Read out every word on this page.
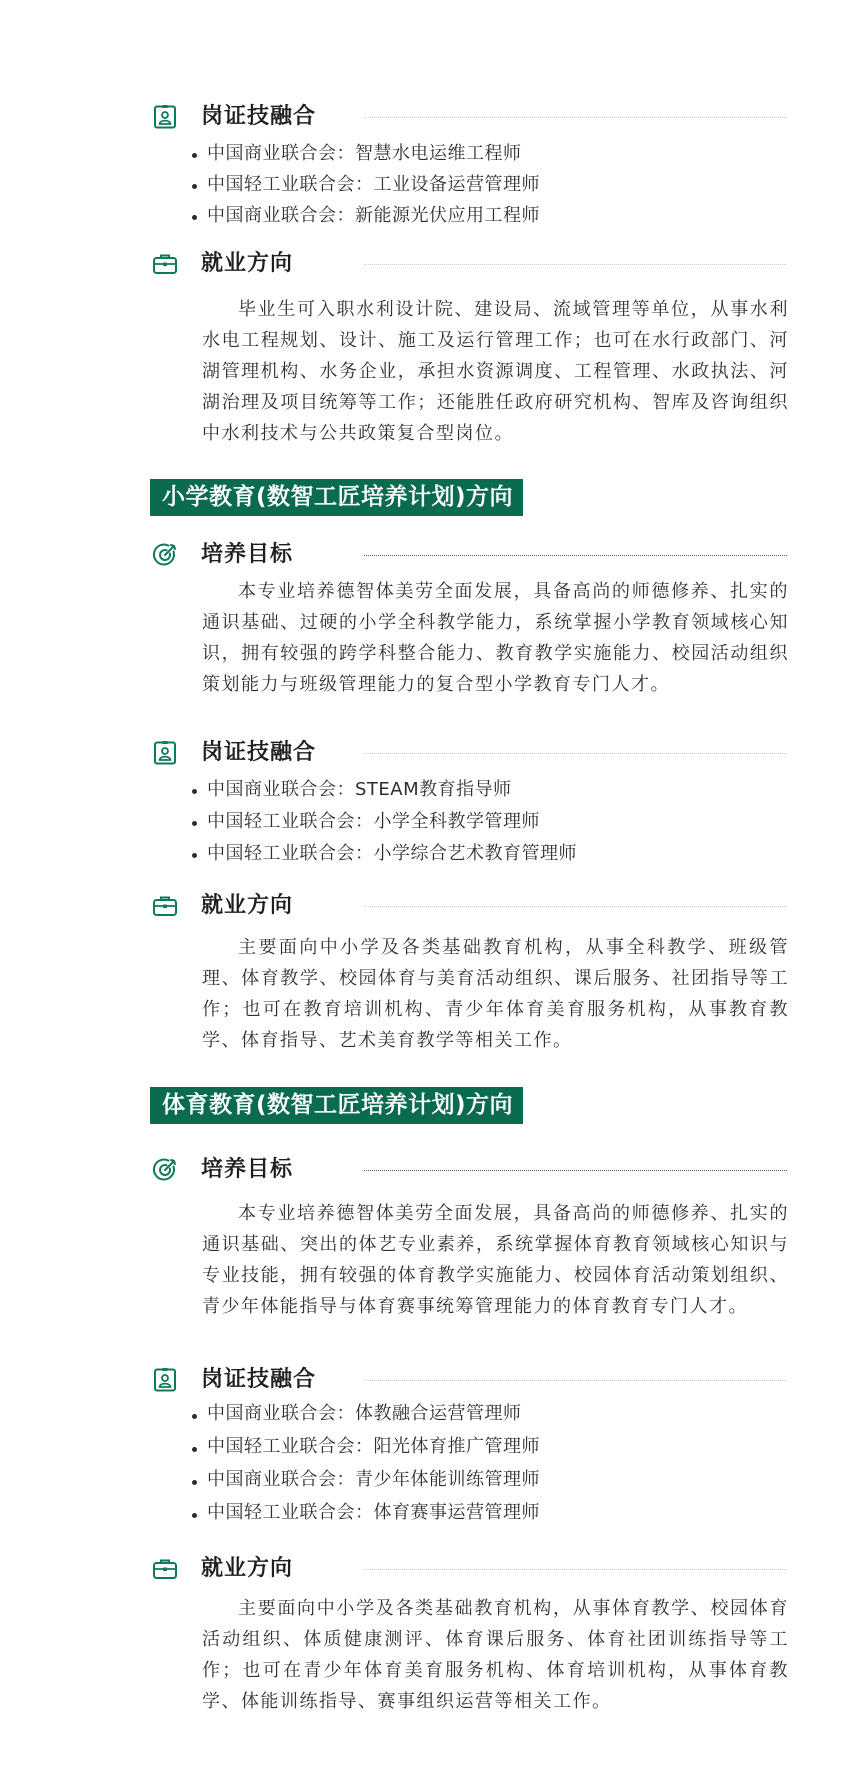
岗证技融合
中国商业联合会：智慧水电运维工程师
中国轻工业联合会：工业设备运营管理师
中国商业联合会：新能源光伏应用工程师
就业方向

毕业生可入职水利设计院、建设局、流域管理等单位，从事水利水电工程规划、设计、施工及运行管理工作；也可在水行政部门、河湖管理机构、水务企业，承担水资源调度、工程管理、水政执法、河湖治理及项目统筹等工作；还能胜任政府研究机构、智库及咨询组织中水利技术与公共政策复合型岗位。

小学教育(数智工匠培养计划)方向
培养目标

本专业培养德智体美劳全面发展，具备高尚的师德修养、扎实的通识基础、过硬的小学全科教学能力，系统掌握小学教育领域核心知识，拥有较强的跨学科整合能力、教育教学实施能力、校园活动组织策划能力与班级管理能力的复合型小学教育专门人才。

岗证技融合
中国商业联合会：STEAM教育指导师
中国轻工业联合会：小学全科教学管理师
中国轻工业联合会：小学综合艺术教育管理师
就业方向

主要面向中小学及各类基础教育机构，从事全科教学、班级管理、体育教学、校园体育与美育活动组织、课后服务、社团指导等工作；也可在教育培训机构、青少年体育美育服务机构，从事教育教学、体育指导、艺术美育教学等相关工作。

体育教育(数智工匠培养计划)方向
培养目标

本专业培养德智体美劳全面发展，具备高尚的师德修养、扎实的通识基础、突出的体艺专业素养，系统掌握体育教育领域核心知识与专业技能，拥有较强的体育教学实施能力、校园体育活动策划组织、青少年体能指导与体育赛事统筹管理能力的体育教育专门人才。

岗证技融合
中国商业联合会：体教融合运营管理师
中国轻工业联合会：阳光体育推广管理师
中国商业联合会：青少年体能训练管理师
中国轻工业联合会：体育赛事运营管理师
就业方向

主要面向中小学及各类基础教育机构，从事体育教学、校园体育活动组织、体质健康测评、体育课后服务、体育社团训练指导等工作；也可在青少年体育美育服务机构、体育培训机构，从事体育教学、体能训练指导、赛事组织运营等相关工作。
